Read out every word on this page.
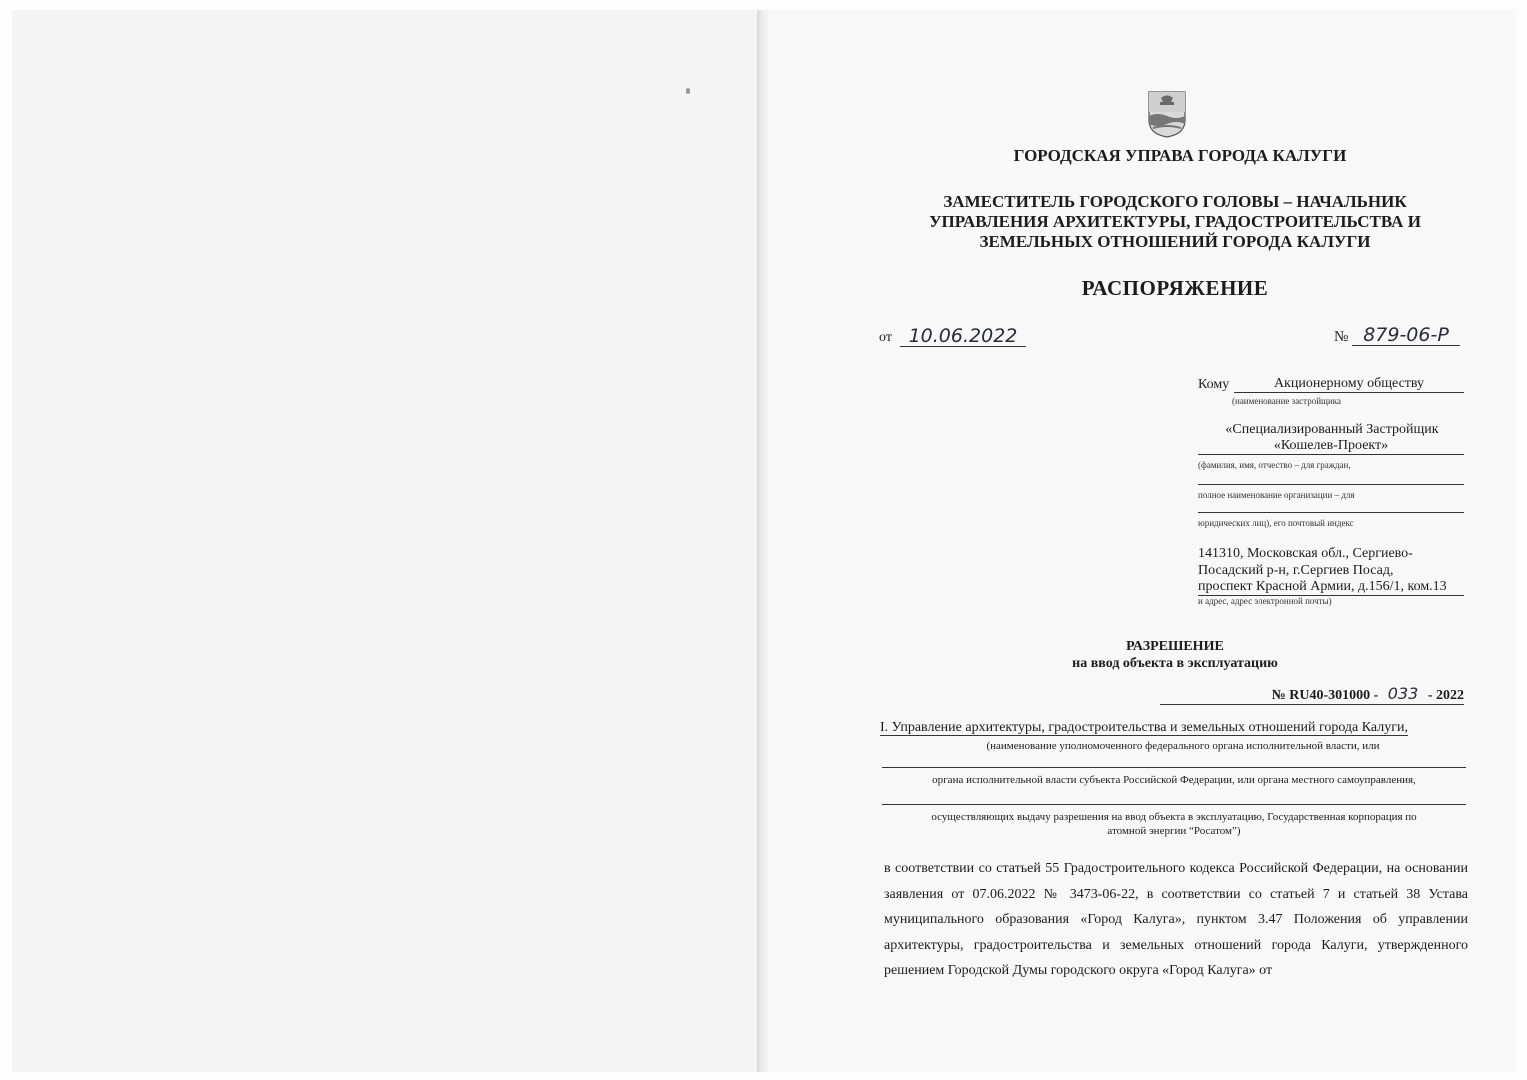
ГОРОДСКАЯ УПРАВА ГОРОДА КАЛУГИ
ЗАМЕСТИТЕЛЬ ГОРОДСКОГО ГОЛОВЫ – НАЧАЛЬНИК
УПРАВЛЕНИЯ АРХИТЕКТУРЫ, ГРАДОСТРОИТЕЛЬСТВА И
ЗЕМЕЛЬНЫХ ОТНОШЕНИЙ ГОРОДА КАЛУГИ
РАСПОРЯЖЕНИЕ
от 10.06.2022	№ 879-06-Р
Кому	Акционерному обществу
(наименование застройщика
«Специализированный Застройщик
«Кошелев-Проект»
(фамилия, имя, отчество – для граждан,
полное наименование организации – для
юридических лиц), его почтовый индекс
141310, Московская обл., Сергиево-
Посадский р-н, г.Сергиев Посад,
проспект Красной Армии, д.156/1, ком.13
и адрес, адрес электронной почты)
РАЗРЕШЕНИЕ
на ввод объекта в эксплуатацию
№ RU40-301000 - 033 - 2022
I. Управление архитектуры, градостроительства и земельных отношений города Калуги,
(наименование уполномоченного федерального органа исполнительной власти, или
органа исполнительной власти субъекта Российской Федерации, или органа местного самоуправления,
осуществляющих выдачу разрешения на ввод объекта в эксплуатацию, Государственная корпорация по
атомной энергии “Росатом”)
в соответствии со статьей 55 Градостроительного кодекса Российской Федерации, на основании заявления от 07.06.2022 № 3473-06-22, в соответствии со статьей 7 и статьей 38 Устава муниципального образования «Город Калуга», пунктом 3.47 Положения об управлении архитектуры, градостроительства и земельных отношений города Калуги, утвержденного решением Городской Думы городского округа «Город Калуга» от
